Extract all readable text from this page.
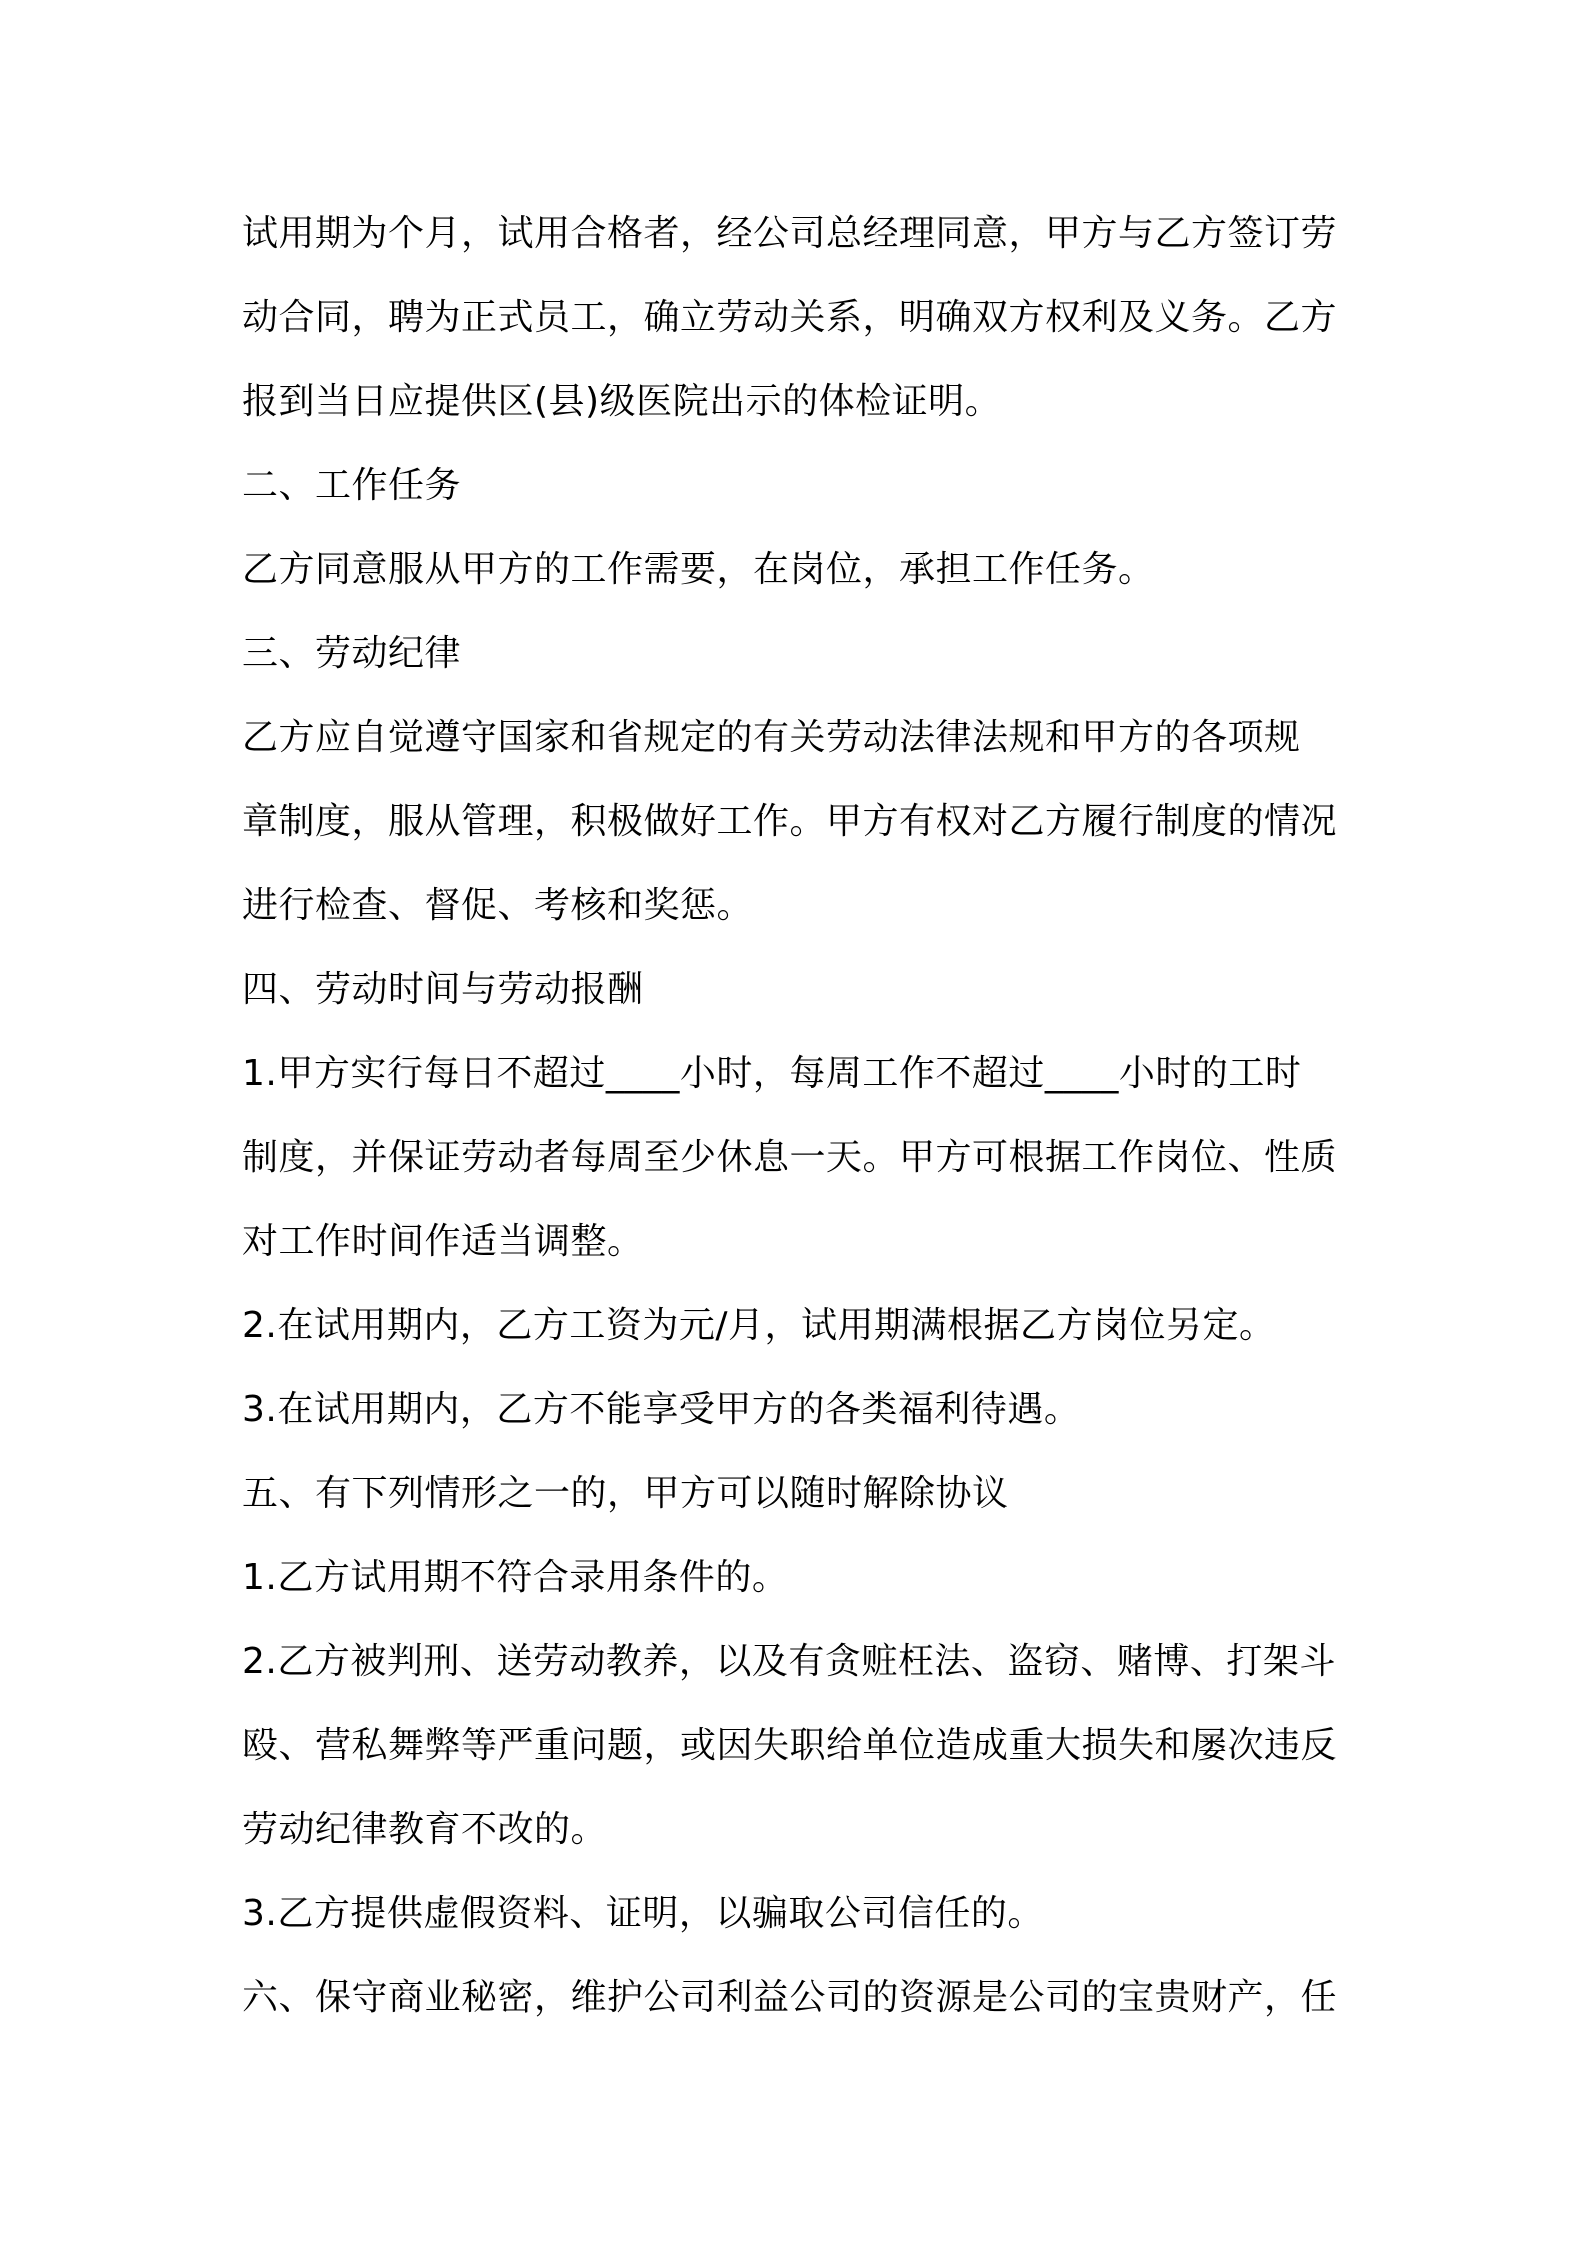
试用期为个月，试用合格者，经公司总经理同意，甲方与乙方签订劳
动合同，聘为正式员工，确立劳动关系，明确双方权利及义务。乙方
报到当日应提供区(县)级医院出示的体检证明。
二、工作任务
乙方同意服从甲方的工作需要，在岗位，承担工作任务。
三、劳动纪律
乙方应自觉遵守国家和省规定的有关劳动法律法规和甲方的各项规
章制度，服从管理，积极做好工作。甲方有权对乙方履行制度的情况
进行检查、督促、考核和奖惩。
四、劳动时间与劳动报酬
1.甲方实行每日不超过____小时，每周工作不超过____小时的工时
制度，并保证劳动者每周至少休息一天。甲方可根据工作岗位、性质
对工作时间作适当调整。
2.在试用期内，乙方工资为元/月，试用期满根据乙方岗位另定。
3.在试用期内，乙方不能享受甲方的各类福利待遇。
五、有下列情形之一的，甲方可以随时解除协议
1.乙方试用期不符合录用条件的。
2.乙方被判刑、送劳动教养，以及有贪赃枉法、盗窃、赌博、打架斗
殴、营私舞弊等严重问题，或因失职给单位造成重大损失和屡次违反
劳动纪律教育不改的。
3.乙方提供虚假资料、证明，以骗取公司信任的。
六、保守商业秘密，维护公司利益公司的资源是公司的宝贵财产，任
